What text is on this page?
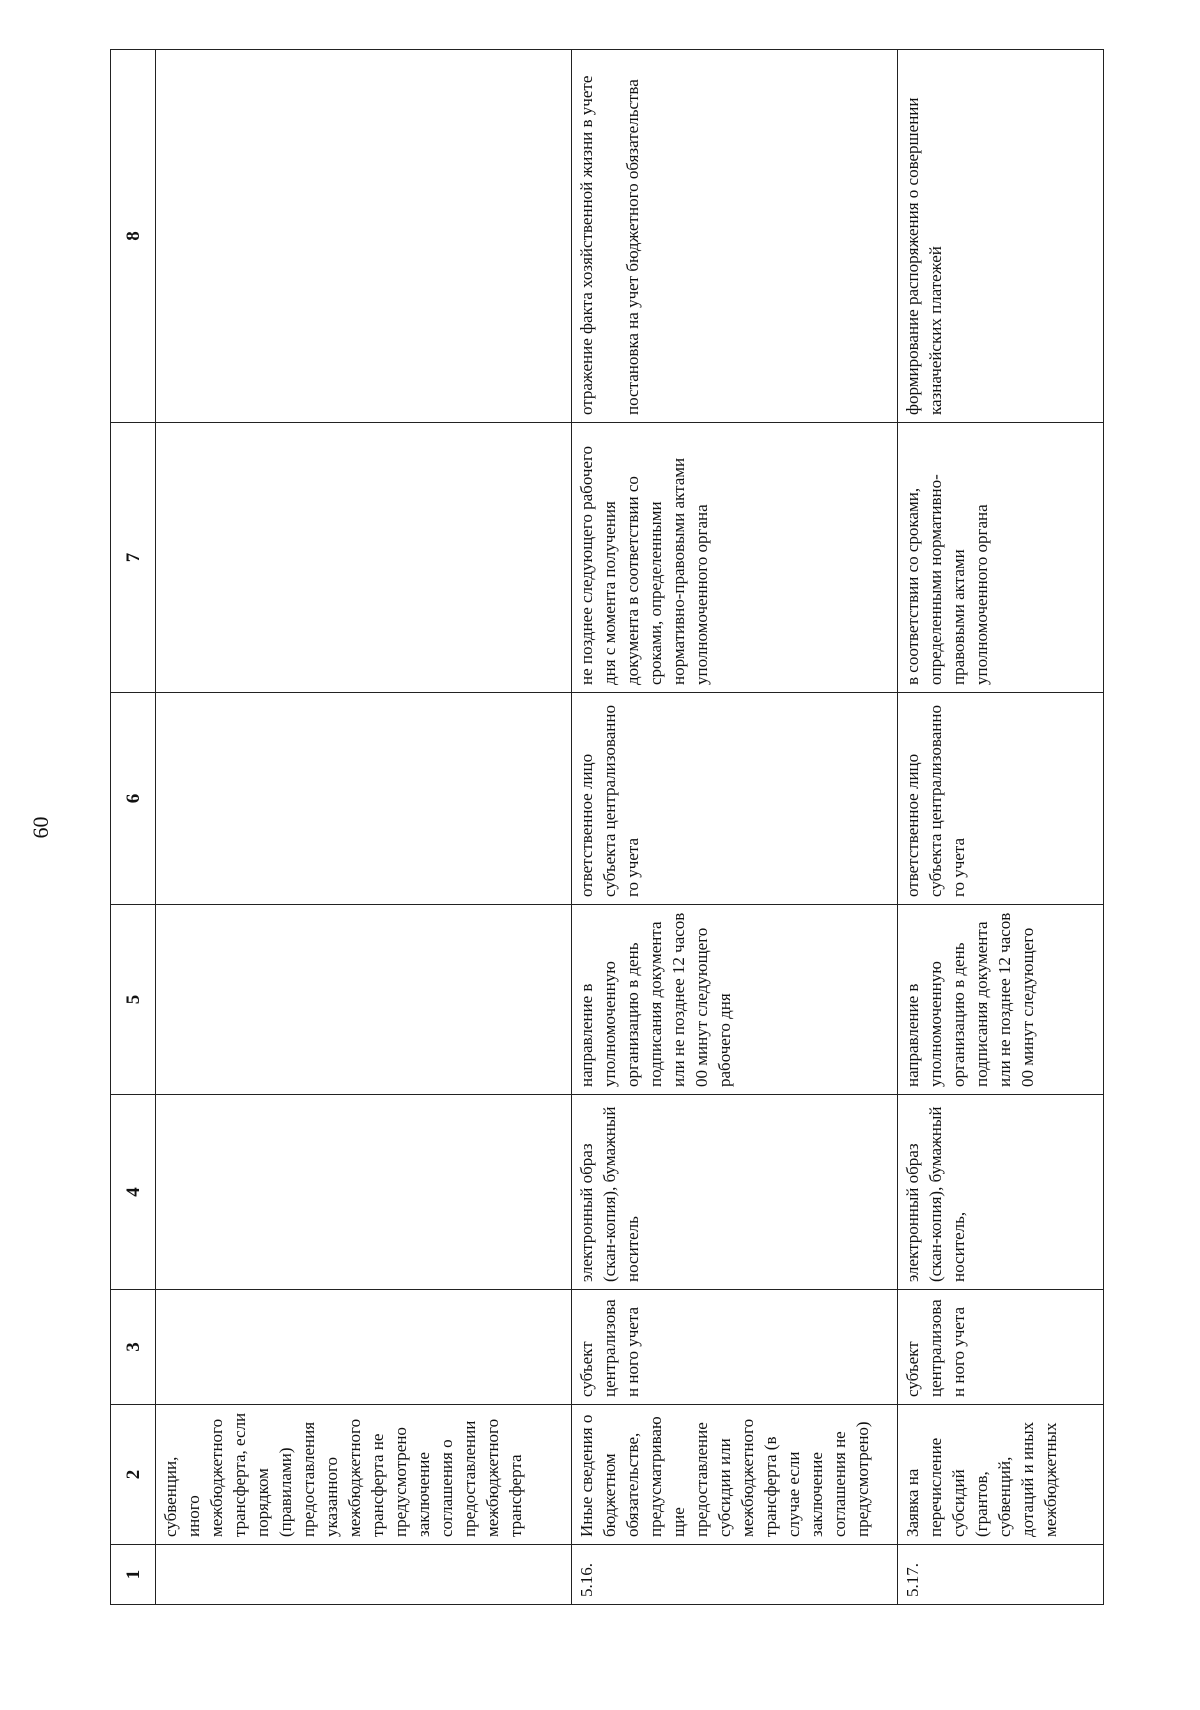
60
1	2	3	4	5	6	7	8
	субвенции, иного межбюджетного трансферта, если порядком (правилами) предоставления указанного межбюджетного трансферта не предусмотрено заключение соглашения о предоставлении межбюджетного трансферта						
5.16.	Иные сведения о бюджетном обязательстве, предусматриваю щие предоставление субсидии или межбюджетного трансферта (в случае если заключение соглашения не предусмотрено)	субъект централизован ного учета	электронный образ (скан-копия), бумажный носитель	направление в уполномоченную организацию в день подписания документа или не позднее 12 часов 00 минут следующего рабочего дня	ответственное лицо субъекта централизованно го учета	не позднее следующего рабочего дня с момента получения документа в соответствии со сроками, определенными нормативно-правовыми актами уполномоченного органа	отражение факта хозяйственной жизни в учете постановка на учет бюджетного обязательства

5.17.	Заявка на перечисление субсидий (грантов, субвенций, дотаций и иных межбюджетных	субъект централизован ного учета	электронный образ (скан-копия), бумажный носитель,	направление в уполномоченную организацию в день подписания документа или не позднее 12 часов 00 минут следующего	ответственное лицо субъекта централизованно го учета	в соответствии со сроками, определенными нормативно-правовыми актами уполномоченного органа	формирование распоряжения о совершении казначейских платежей
